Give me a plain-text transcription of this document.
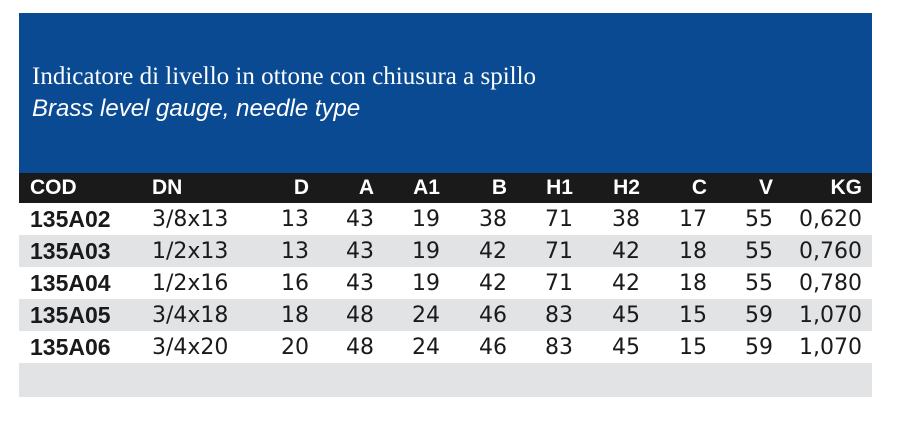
Indicatore di livello in ottone con chiusura a spillo
Brass level gauge, needle type
COD	DN	D	A	A1	B	H1	H2	C	V	KG
135A02	3/8x13	13	43	19	38	71	38	17	55	0,620
135A03	1/2x13	13	43	19	42	71	42	18	55	0,760
135A04	1/2x16	16	43	19	42	71	42	18	55	0,780
135A05	3/4x18	18	48	24	46	83	45	15	59	1,070
135A06	3/4x20	20	48	24	46	83	45	15	59	1,070
